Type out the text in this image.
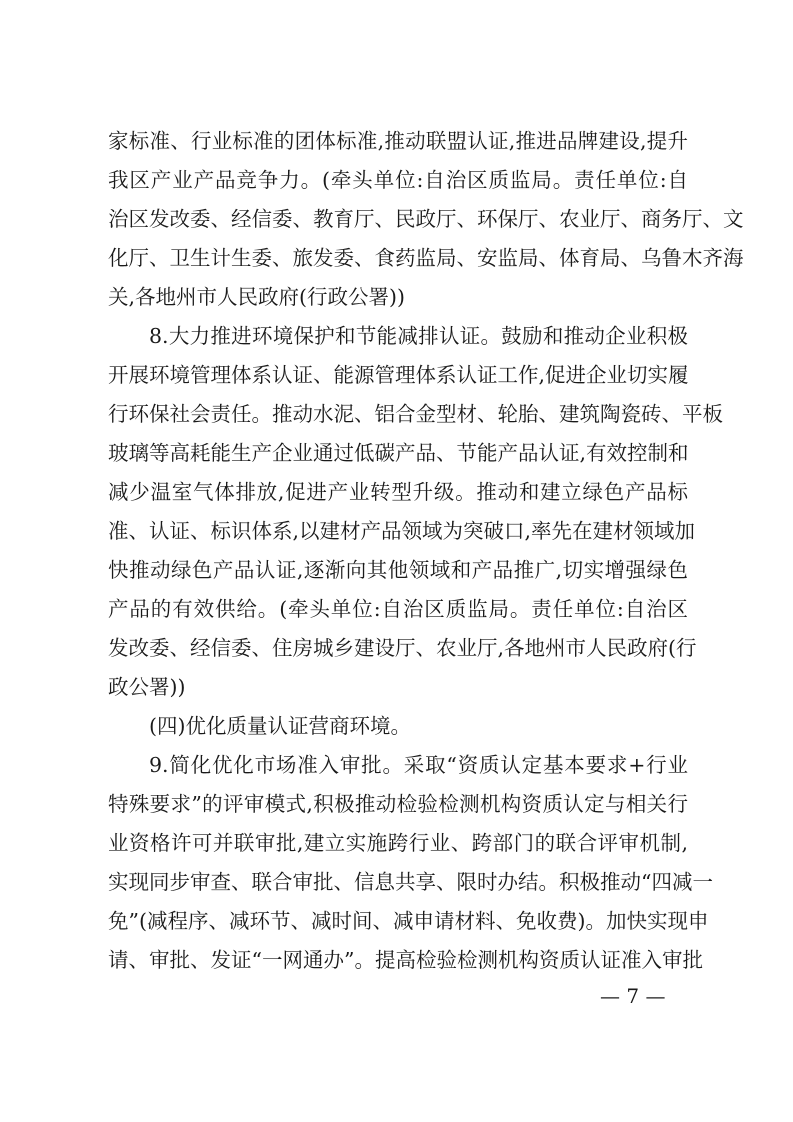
家标准、行业标准的团体标准,推动联盟认证,推进品牌建设,提升
我区产业产品竞争力。(牵头单位:自治区质监局。责任单位:自
治区发改委、经信委、教育厅、民政厅、环保厅、农业厅、商务厅、文
化厅、卫生计生委、旅发委、食药监局、安监局、体育局、乌鲁木齐海
关,各地州市人民政府(行政公署))
8.大力推进环境保护和节能减排认证。鼓励和推动企业积极
开展环境管理体系认证、能源管理体系认证工作,促进企业切实履
行环保社会责任。推动水泥、铝合金型材、轮胎、建筑陶瓷砖、平板
玻璃等高耗能生产企业通过低碳产品、节能产品认证,有效控制和
减少温室气体排放,促进产业转型升级。推动和建立绿色产品标
准、认证、标识体系,以建材产品领域为突破口,率先在建材领域加
快推动绿色产品认证,逐渐向其他领域和产品推广,切实增强绿色
产品的有效供给。(牵头单位:自治区质监局。责任单位:自治区
发改委、经信委、住房城乡建设厅、农业厅,各地州市人民政府(行
政公署))
(四)优化质量认证营商环境。
9.简化优化市场准入审批。采取“资质认定基本要求+行业
特殊要求”的评审模式,积极推动检验检测机构资质认定与相关行
业资格许可并联审批,建立实施跨行业、跨部门的联合评审机制,
实现同步审查、联合审批、信息共享、限时办结。积极推动“四减一
免”(减程序、减环节、减时间、减申请材料、免收费)。加快实现申
请、审批、发证“一网通办”。提高检验检测机构资质认证准入审批
— 7 —
